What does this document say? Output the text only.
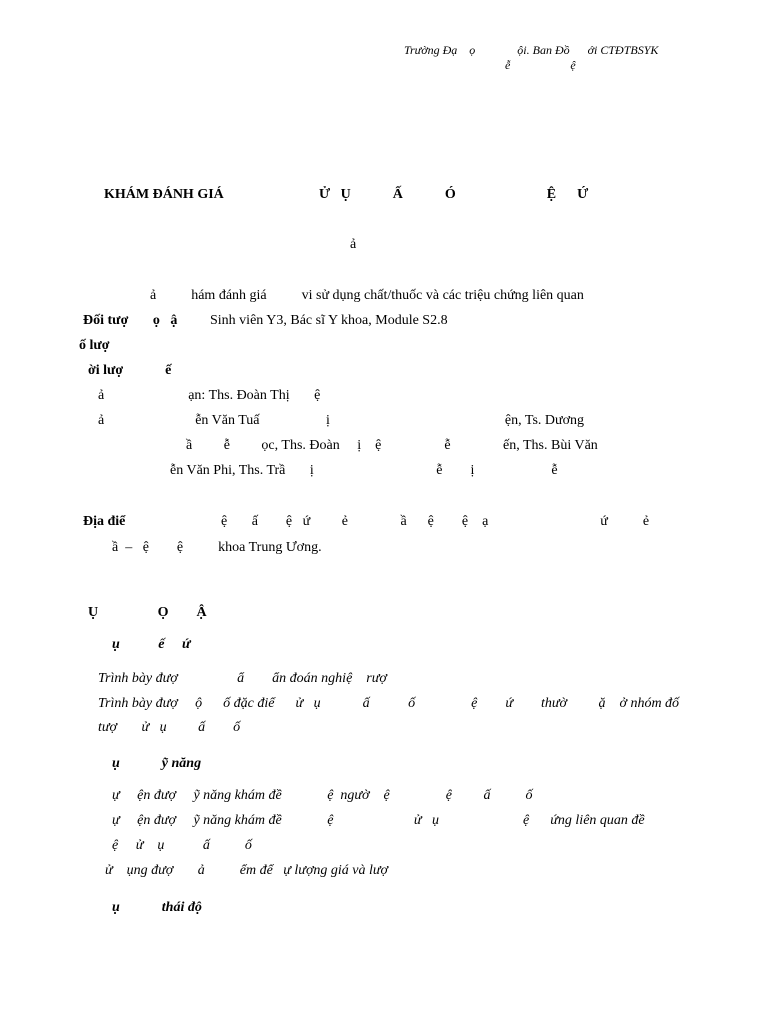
Trường Đạ    ọ              ội. Ban Đồ      ới CTĐTBSYK
ễ                    ệ
KHÁM ĐÁNH GIÁ	Ử   Ụ            Ấ            Ó                          Ệ      Ứ
ả
ả          hám đánh giá          vi sử dụng chất/thuốc và các triệu chứng liên quan
Đối tượ       ọ   ậ Sinh viên Y3, Bác sĩ Y khoa, Module S2.8
ố lượ
ời lượ            ế
ả                        ạn: Ths. Đoàn Thị       ệ
ả                          ễn Văn Tuấ                   ị                                                  ện, Ts. Dương
ầ         ễ         ọc, Ths. Đoàn     ị    ệ                  ễ               ến, Ths. Bùi Văn
ễn Văn Phi, Ths. Trầ       ị                                   ễ        ị                      ễ
Địa điể	ệ       ấ        ệ   ứ         ẻ               ầ      ệ        ệ    ạ                                ứ          ẻ
ầ  –   ệ        ệ          khoa Trung Ương.
Ụ                 Ọ        Ậ
ụ           ế     ứ
Trình bày đượ                 ẩ        ẩn đoán nghiệ    rượ
Trình bày đượ     ộ      ố đặc điể      ử   ụ            ấ           ố                ệ        ứ        thườ         ặ    ở nhóm đố
tượ       ử   ụ         ấ        ố
ụ            ỹ năng
ự     ện đượ     ỹ năng khám đề             ệ  ngườ    ệ                ệ         ấ          ố
ự     ện đượ     ỹ năng khám đề             ệ                       ử   ụ                        ệ      ứng liên quan đề
ệ     ử    ụ           ấ          ố
ử    ụng đượ       ả          ểm để   ự lượng giá và lượ
ụ            thái độ
